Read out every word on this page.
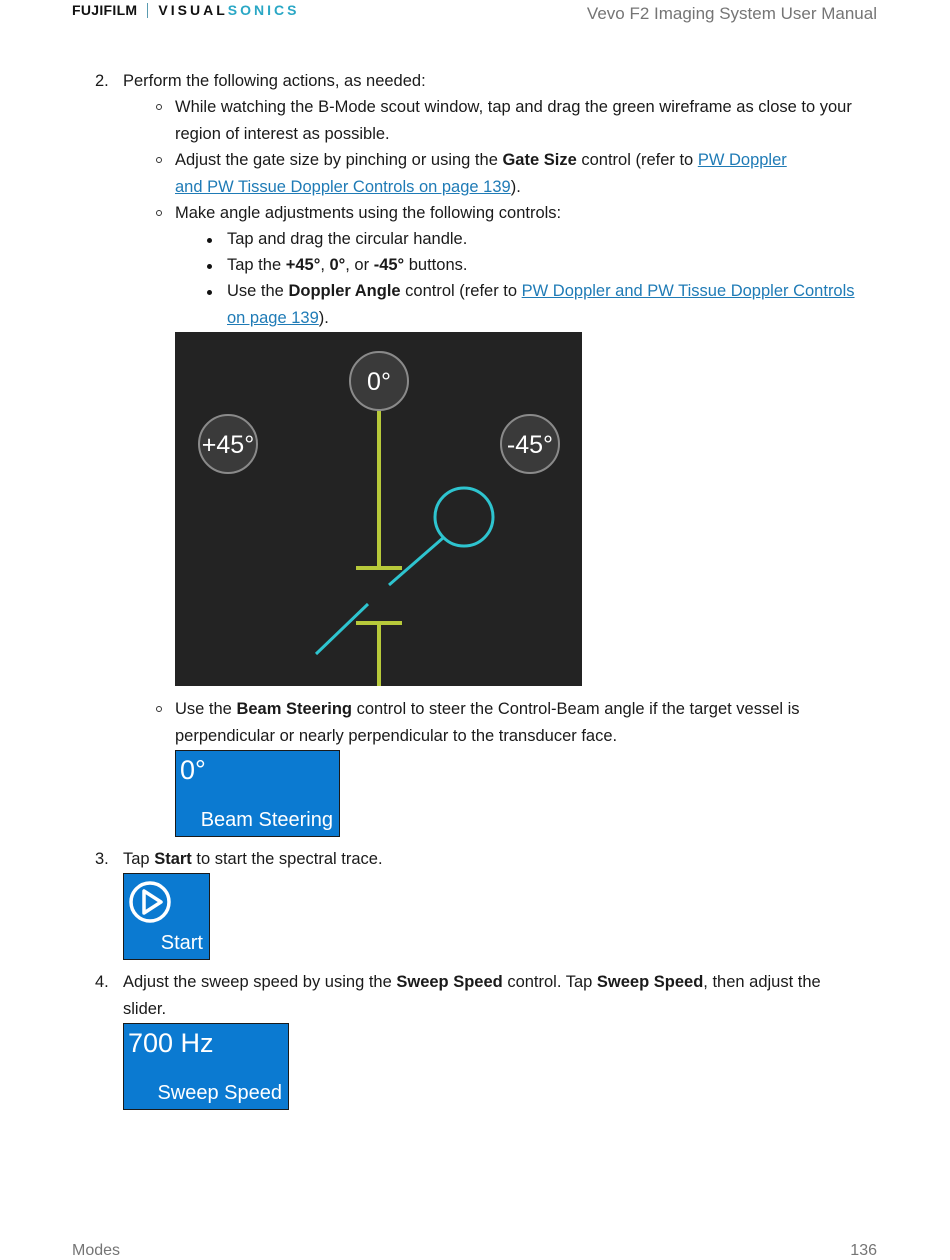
FUJIFILM VISUALSONICS	Vevo F2 Imaging System User Manual
2. Perform the following actions, as needed:
While watching the B-Mode scout window, tap and drag the green wireframe as close to your
region of interest as possible.
Adjust the gate size by pinching or using the Gate Size control (refer to PW Doppler
and PW Tissue Doppler Controls on page 139).
Make angle adjustments using the following controls:
Tap and drag the circular handle.
Tap the +45°, 0°, or -45° buttons.
Use the Doppler Angle control (refer to PW Doppler and PW Tissue Doppler Controls
on page 139).
0°
+45°	-45°
Use the Beam Steering control to steer the Control-Beam angle if the target vessel is
perpendicular or nearly perpendicular to the transducer face.
0°
Beam Steering
3. Tap Start to start the spectral trace.
Start
4. Adjust the sweep speed by using the Sweep Speed control. Tap Sweep Speed, then adjust the
slider.
700 Hz
Sweep Speed
Modes	136
